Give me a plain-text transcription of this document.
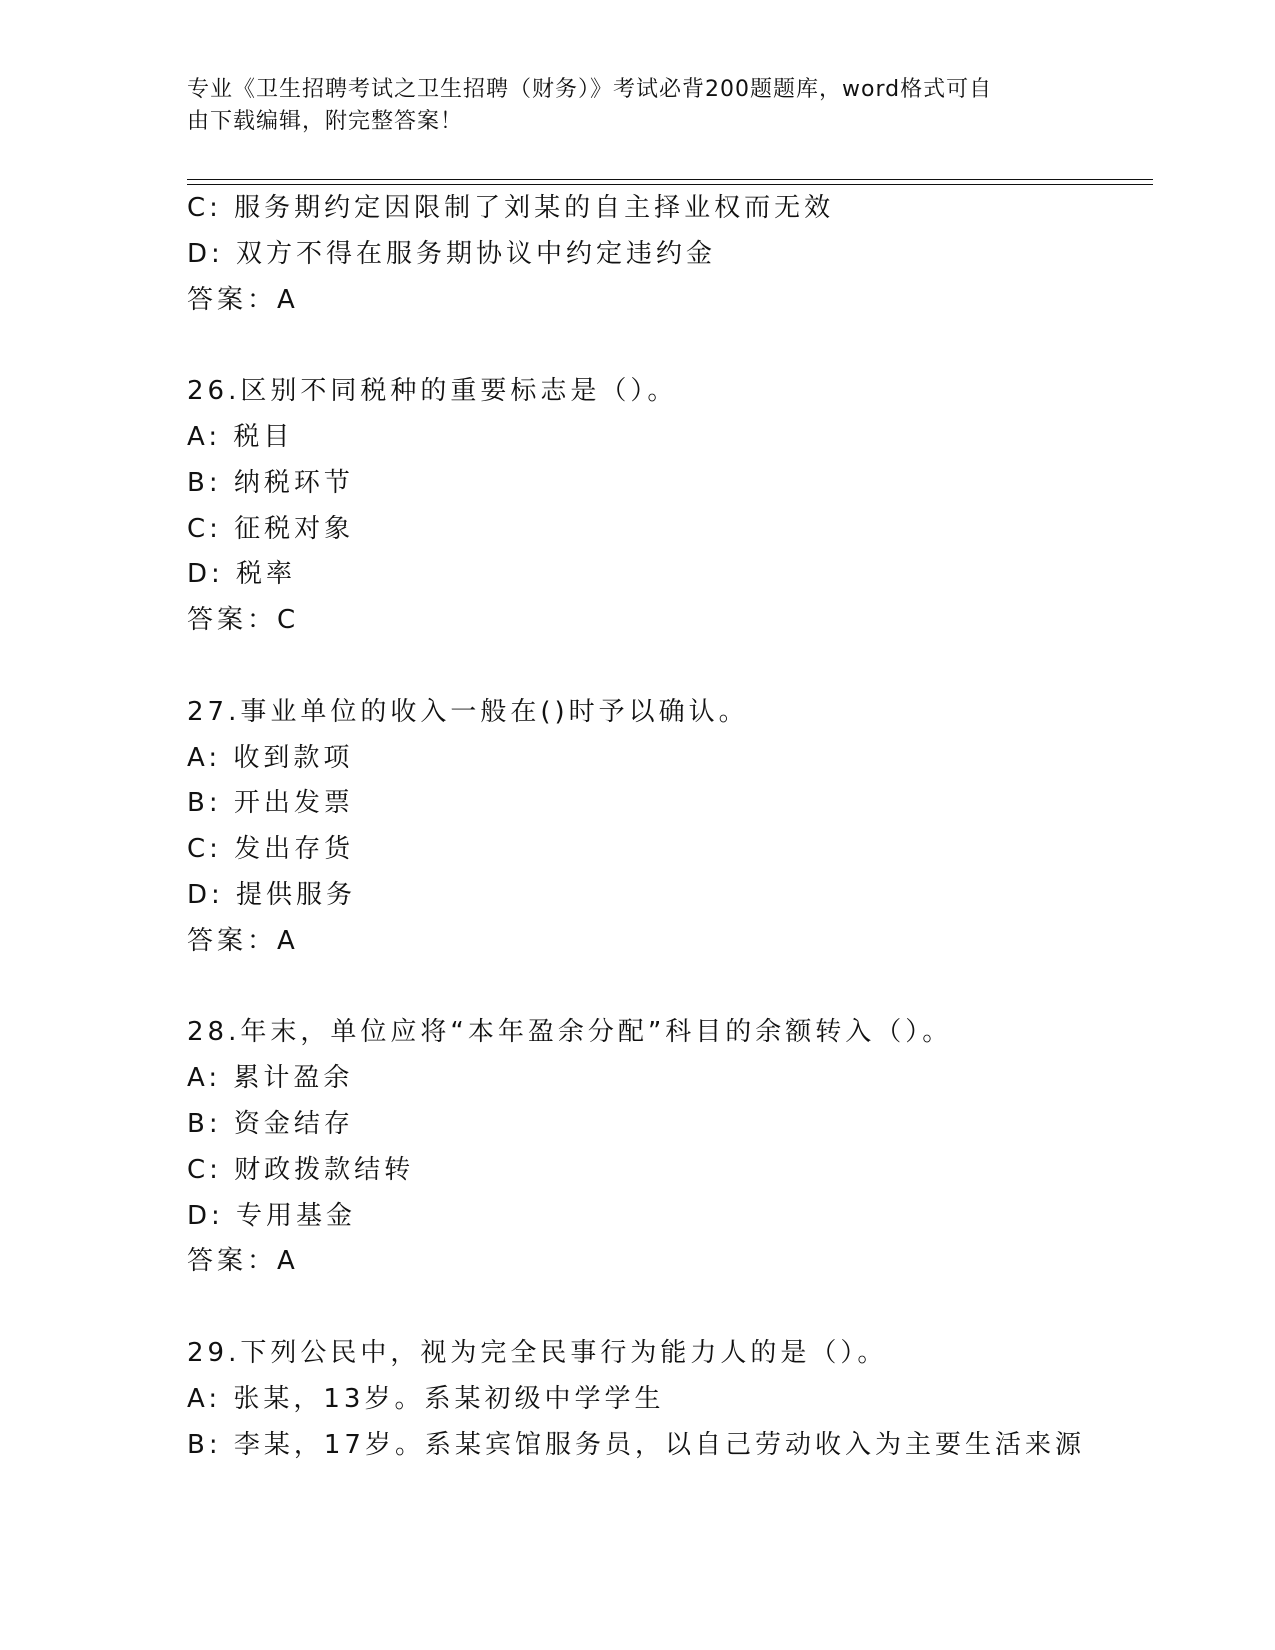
专业《卫生招聘考试之卫生招聘（财务）》考试必背200题题库，word格式可自
由下载编辑，附完整答案！
C: 服务期约定因限制了刘某的自主择业权而无效
D: 双方不得在服务期协议中约定违约金
答案：A
26.区别不同税种的重要标志是（）。
A: 税目
B: 纳税环节
C: 征税对象
D: 税率
答案：C
27.事业单位的收入一般在()时予以确认。
A: 收到款项
B: 开出发票
C: 发出存货
D: 提供服务
答案：A
28.年末，单位应将“本年盈余分配”科目的余额转入（）。
A: 累计盈余
B: 资金结存
C: 财政拨款结转
D: 专用基金
答案：A
29.下列公民中，视为完全民事行为能力人的是（）。
A: 张某，13岁。系某初级中学学生
B: 李某，17岁。系某宾馆服务员，以自己劳动收入为主要生活来源
